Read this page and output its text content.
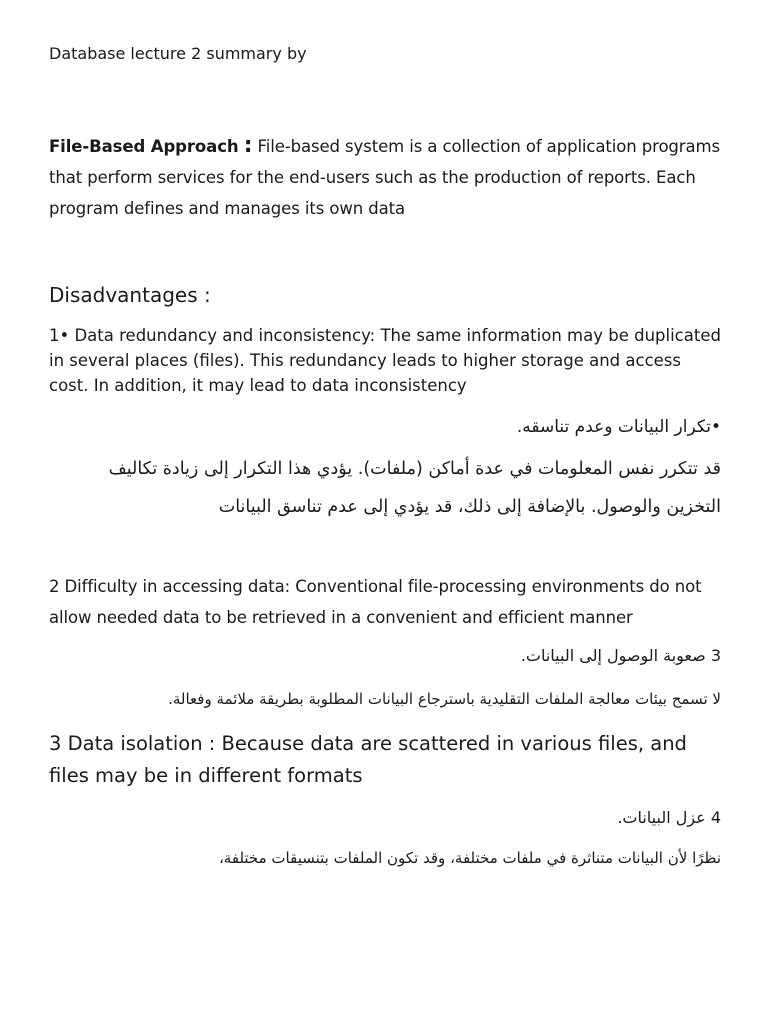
Database lecture 2 summary by

File-Based Approach : File-based system is a collection of application programs that perform services for the end-users such as the production of reports. Each program defines and manages its own data

Disadvantages :

1• Data redundancy and inconsistency: The same information may be duplicated in several places (files). This redundancy leads to higher storage and access cost. In addition, it may lead to data inconsistency

•تكرار البيانات وعدم تناسقه.

قد تتكرر نفس المعلومات في عدة أماكن (ملفات). يؤدي هذا التكرار إلى زيادة تكاليف التخزين والوصول. بالإضافة إلى ذلك، قد يؤدي إلى عدم تناسق البيانات

2 Difficulty in accessing data: Conventional file-processing environments do not allow needed data to be retrieved in a convenient and efficient manner

3 صعوبة الوصول إلى البيانات.

لا تسمح بيئات معالجة الملفات التقليدية باسترجاع البيانات المطلوبة بطريقة ملائمة وفعالة.

3 Data isolation : Because data are scattered in various files, and files may be in different formats

4 عزل البيانات.

نظرًا لأن البيانات متناثرة في ملفات مختلفة، وقد تكون الملفات بتنسيقات مختلفة،
